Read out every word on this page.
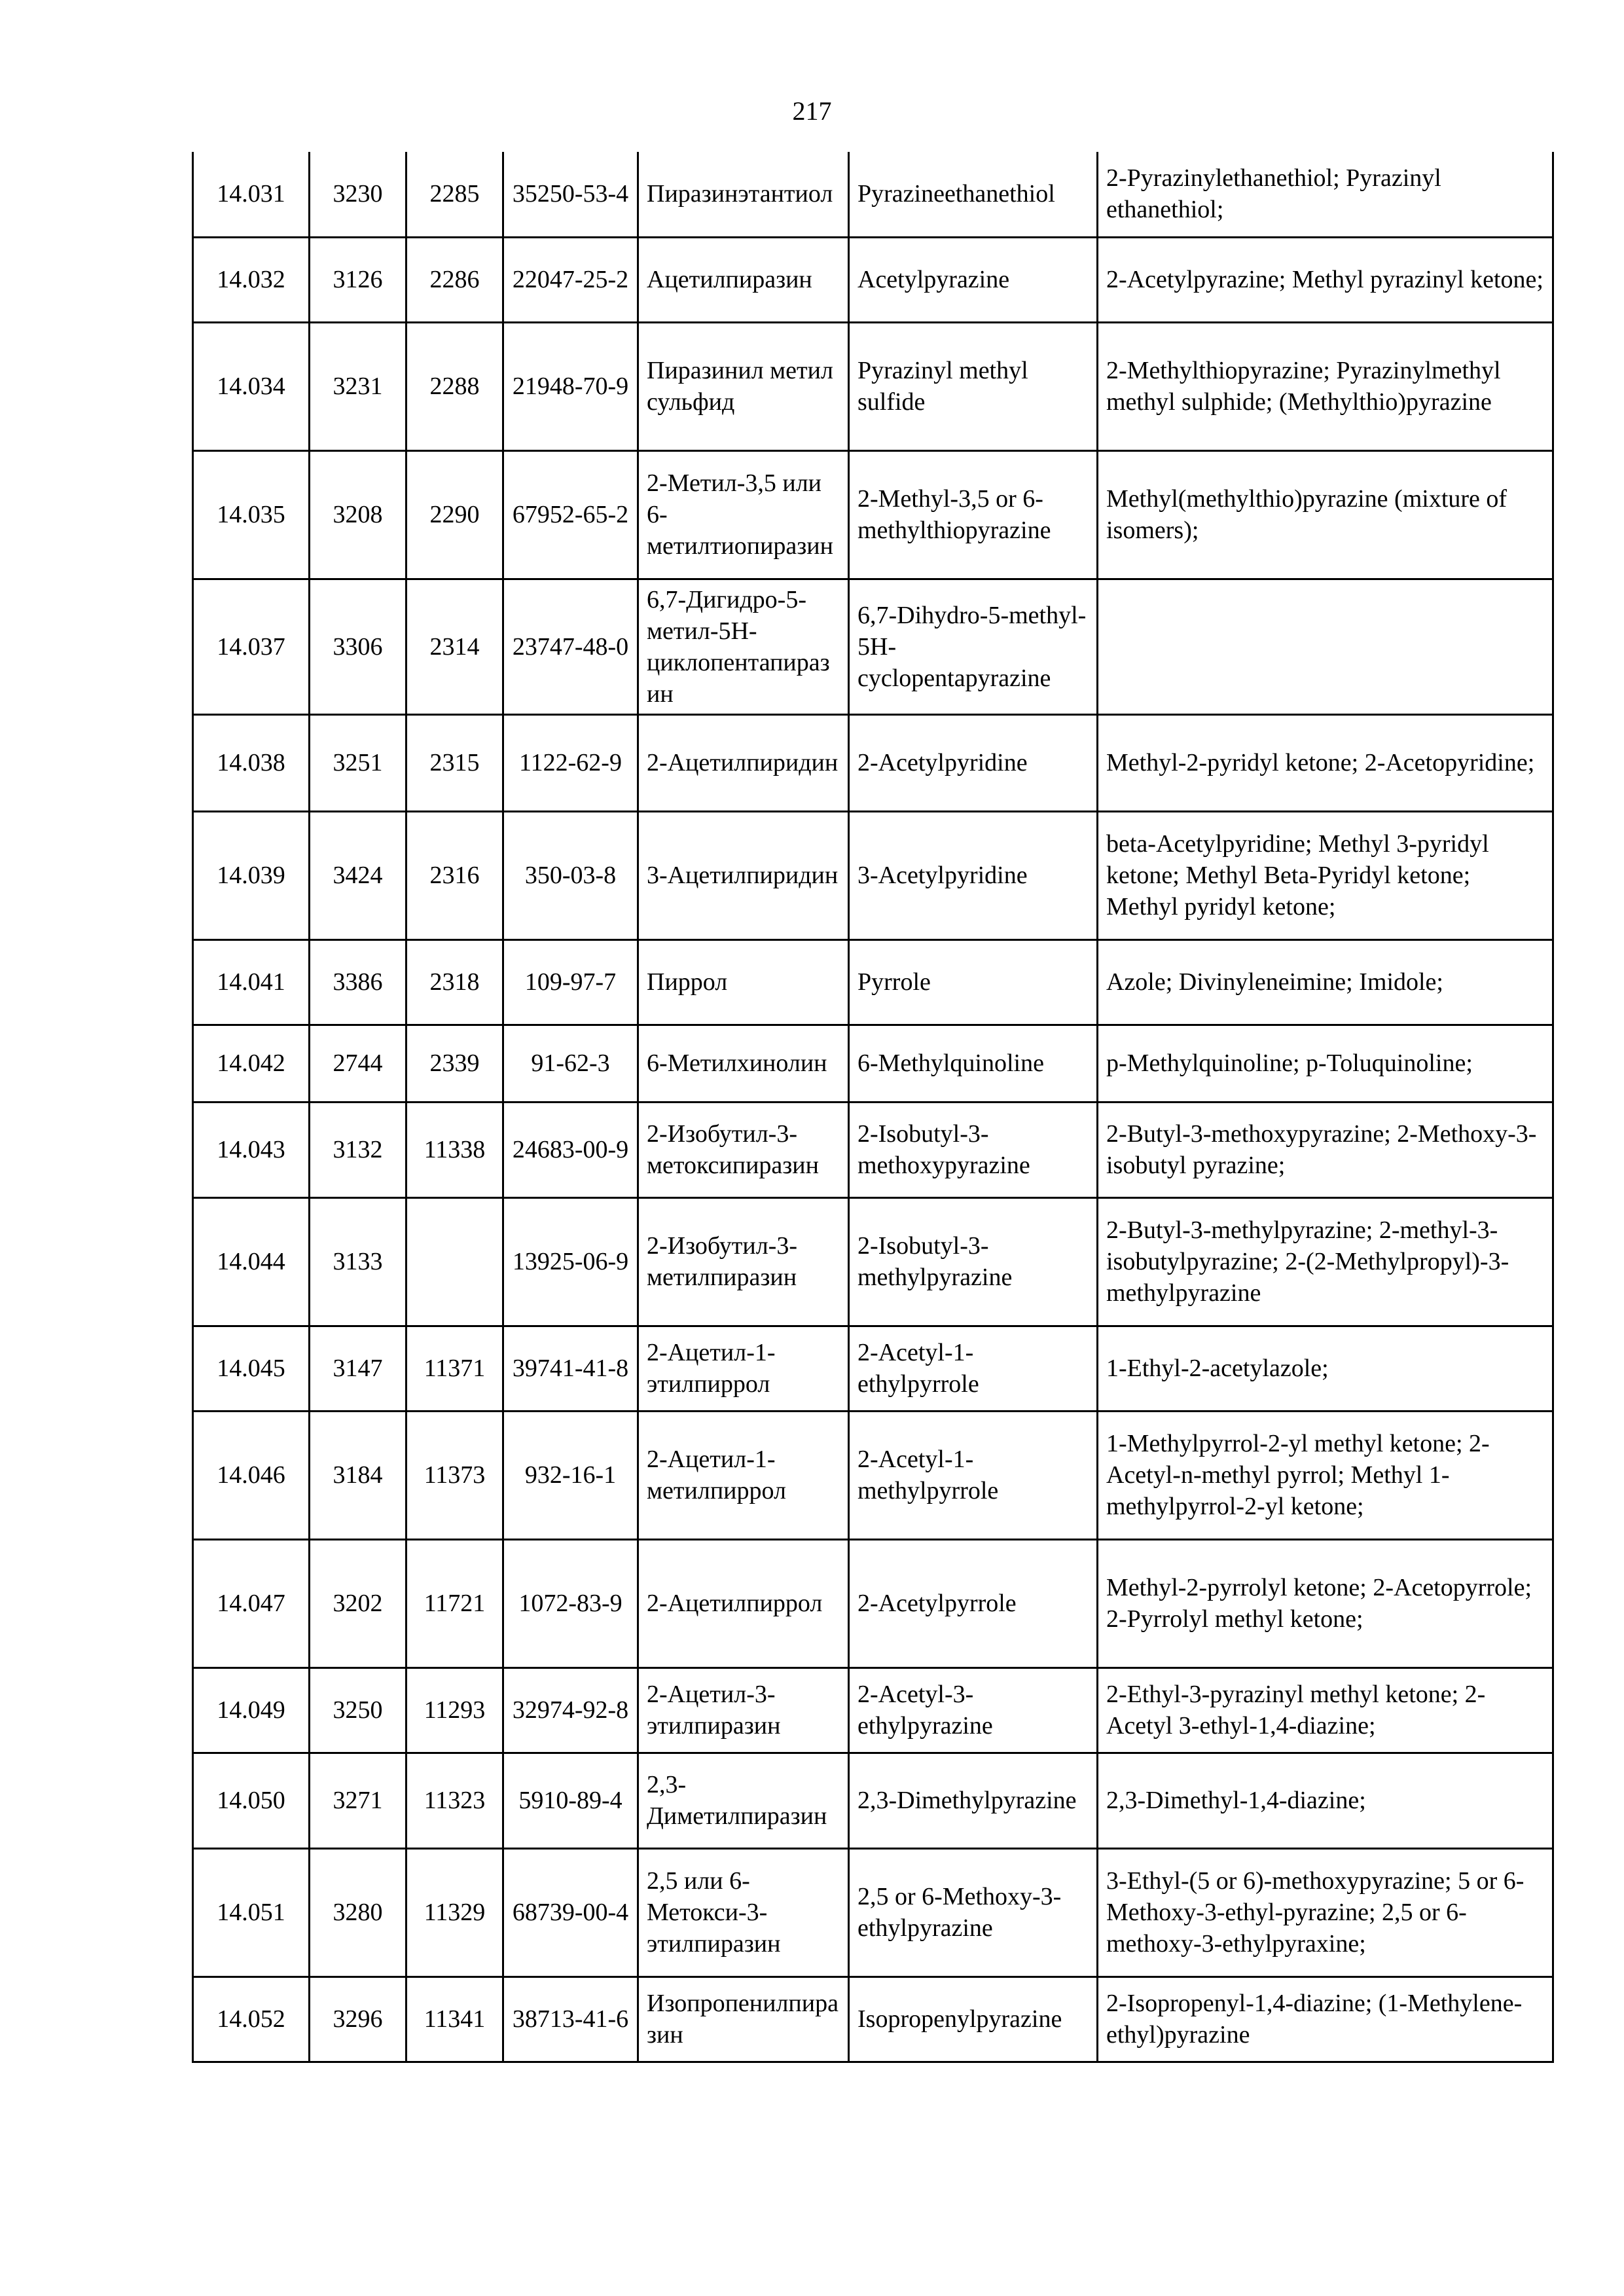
217
14.031	3230	2285	35250-53-4	Пиразинэтантиол	Pyrazineethanethiol	2-Pyrazinylethanethiol; Pyrazinyl ethanethiol;
14.032	3126	2286	22047-25-2	Ацетилпиразин	Acetylpyrazine	2-Acetylpyrazine; Methyl pyrazinyl ketone;
14.034	3231	2288	21948-70-9	Пиразинил метил сульфид	Pyrazinyl methyl sulfide	2-Methylthiopyrazine; Pyrazinylmethyl methyl sulphide; (Methylthio)pyrazine
14.035	3208	2290	67952-65-2	2-Метил-3,5 или 6-метилтиопиразин	2-Methyl-3,5 or 6-methylthiopyrazine	Methyl(methylthio)pyrazine (mixture of isomers);
14.037	3306	2314	23747-48-0	6,7-Дигидро-5-метил-5H-циклопентапиразин	6,7-Dihydro-5-methyl-5H-cyclopentapyrazine	
14.038	3251	2315	1122-62-9	2-Ацетилпиридин	2-Acetylpyridine	Methyl-2-pyridyl ketone; 2-Acetopyridine;
14.039	3424	2316	350-03-8	3-Ацетилпиридин	3-Acetylpyridine	beta-Acetylpyridine; Methyl 3-pyridyl ketone; Methyl Beta-Pyridyl ketone; Methyl pyridyl ketone;
14.041	3386	2318	109-97-7	Пиррол	Pyrrole	Azole; Divinyleneimine; Imidole;
14.042	2744	2339	91-62-3	6-Метилхинолин	6-Methylquinoline	p-Methylquinoline; p-Toluquinoline;
14.043	3132	11338	24683-00-9	2-Изобутил-3-метоксипиразин	2-Isobutyl-3-methoxypyrazine	2-Butyl-3-methoxypyrazine; 2-Methoxy-3-isobutyl pyrazine;
14.044	3133		13925-06-9	2-Изобутил-3-метилпиразин	2-Isobutyl-3-methylpyrazine	2-Butyl-3-methylpyrazine; 2-methyl-3-isobutylpyrazine; 2-(2-Methylpropyl)-3-methylpyrazine
14.045	3147	11371	39741-41-8	2-Ацетил-1-этилпиррол	2-Acetyl-1-ethylpyrrole	1-Ethyl-2-acetylazole;
14.046	3184	11373	932-16-1	2-Ацетил-1-метилпиррол	2-Acetyl-1-methylpyrrole	1-Methylpyrrol-2-yl methyl ketone; 2-Acetyl-n-methyl pyrrol; Methyl 1-methylpyrrol-2-yl ketone;
14.047	3202	11721	1072-83-9	2-Ацетилпиррол	2-Acetylpyrrole	Methyl-2-pyrrolyl ketone; 2-Acetopyrrole; 2-Pyrrolyl methyl ketone;
14.049	3250	11293	32974-92-8	2-Ацетил-3-этилпиразин	2-Acetyl-3-ethylpyrazine	2-Ethyl-3-pyrazinyl methyl ketone; 2-Acetyl 3-ethyl-1,4-diazine;
14.050	3271	11323	5910-89-4	2,3-Диметилпиразин	2,3-Dimethylpyrazine	2,3-Dimethyl-1,4-diazine;
14.051	3280	11329	68739-00-4	2,5 или 6-Метокси-3-этилпиразин	2,5 or 6-Methoxy-3-ethylpyrazine	3-Ethyl-(5 or 6)-methoxypyrazine; 5 or 6-Methoxy-3-ethyl-pyrazine; 2,5 or 6-methoxy-3-ethylpyraxine;
14.052	3296	11341	38713-41-6	Изопропенилпиразин	Isopropenylpyrazine	2-Isopropenyl-1,4-diazine; (1-Methylene-ethyl)pyrazine
